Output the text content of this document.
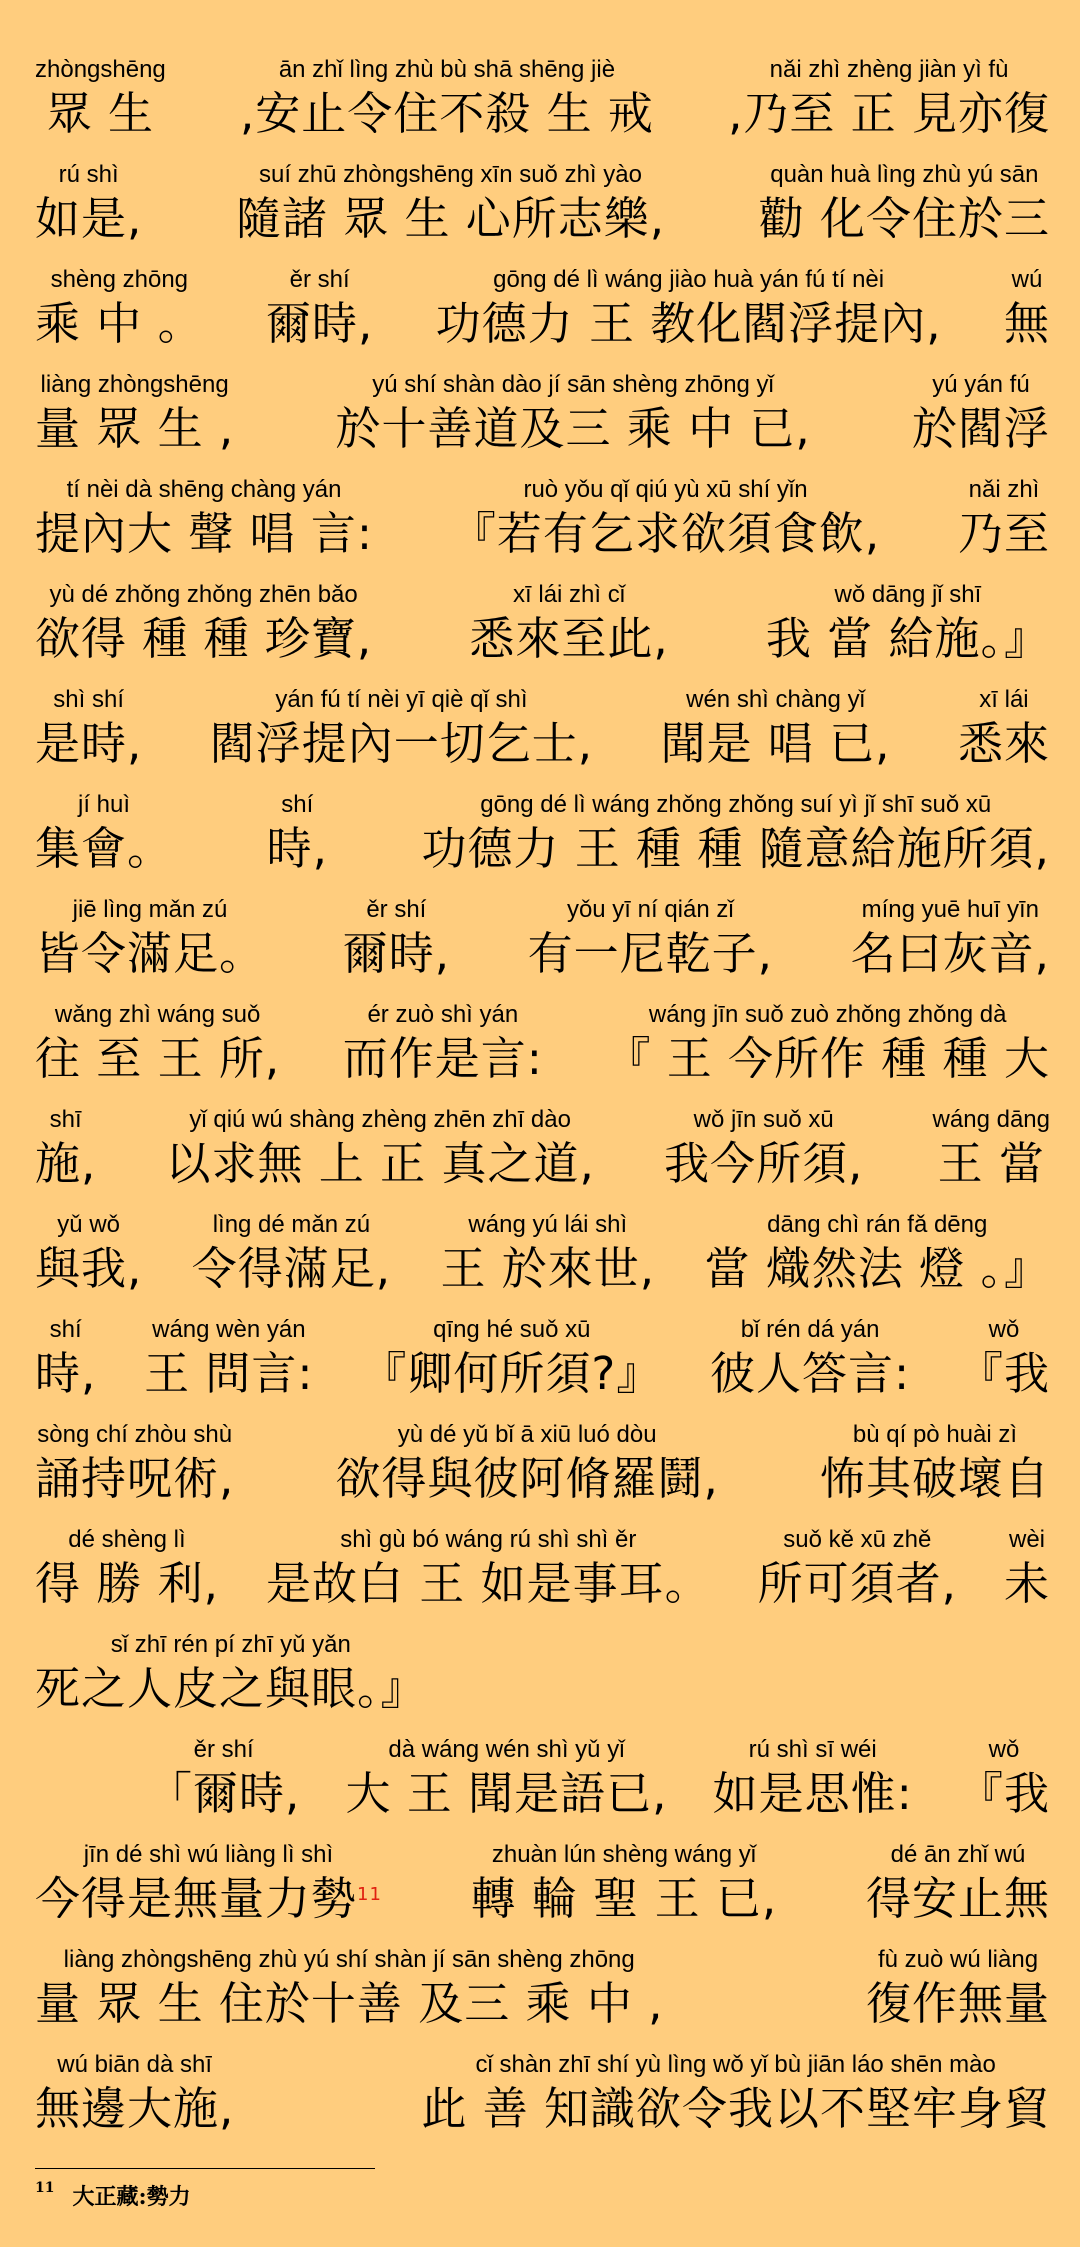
zhòngshēng
眾 生
ān zhǐ lìng zhù bù shā shēng jiè
,安止令住不殺 生 戒
nǎi zhì zhèng jiàn yì fù
,乃至 正 見亦復
rú shì
如是,
suí zhū zhòngshēng xīn suǒ zhì yào
隨諸 眾 生 心所志樂,
quàn huà lìng zhù yú sān
勸 化令住於三
shèng zhōng
乘 中 。
ěr shí
爾時,
gōng dé lì wáng jiào huà yán fú tí nèi
功德力 王 教化閻浮提內,
wú
無
liàng zhòngshēng
量 眾 生 ,
yú shí shàn dào jí sān shèng zhōng yǐ
於十善道及三 乘 中 已,
yú yán fú
於閻浮
tí nèi dà shēng chàng yán
提內大 聲 唱 言:
ruò yǒu qǐ qiú yù xū shí yǐn
『若有乞求欲須食飲,
nǎi zhì
乃至
yù dé zhǒng zhǒng zhēn bǎo
欲得 種 種 珍寶,
xī lái zhì cǐ
悉來至此,
wǒ dāng jǐ shī
我 當 給施。』
shì shí
是時,
yán fú tí nèi yī qiè qǐ shì
閻浮提內一切乞士,
wén shì chàng yǐ
聞是 唱 已,
xī lái
悉來
jí huì
集會。
shí
時,
gōng dé lì wáng zhǒng zhǒng suí yì jǐ shī suǒ xū
功德力 王 種 種 隨意給施所須,
jiē lìng mǎn zú
皆令滿足。
ěr shí
爾時,
yǒu yī ní qián zǐ
有一尼乾子,
míng yuē huī yīn
名曰灰音,
wǎng zhì wáng suǒ
往 至 王 所,
ér zuò shì yán
而作是言:
wáng jīn suǒ zuò zhǒng zhǒng dà
『 王 今所作 種 種 大
shī
施,
yǐ qiú wú shàng zhèng zhēn zhī dào
以求無 上 正 真之道,
wǒ jīn suǒ xū
我今所須,
wáng dāng
王 當
yǔ wǒ
與我,
lìng dé mǎn zú
令得滿足,
wáng yú lái shì
王 於來世,
dāng chì rán fǎ dēng
當 熾然法 燈 。』
shí
時,
wáng wèn yán
王 問言:
qīng hé suǒ xū
『卿何所須?』
bǐ rén dá yán
彼人答言:
wǒ
『我
sòng chí zhòu shù
誦持呪術,
yù dé yǔ bǐ ā xiū luó dòu
欲得與彼阿脩羅鬪,
bù qí pò huài zì
怖其破壞自
dé shèng lì
得 勝 利,
shì gù bó wáng rú shì shì ěr
是故白 王 如是事耳。
suǒ kě xū zhě
所可須者,
wèi
未
sǐ zhī rén pí zhī yǔ yǎn
死之人皮之與眼。』
ěr shí
「爾時,
dà wáng wén shì yǔ yǐ
大 王 聞是語已,
rú shì sī wéi
如是思惟:
wǒ
『我
jīn dé shì wú liàng lì shì
今得是無量力勢$^{11}$
zhuàn lún shèng wáng yǐ
轉 輪 聖 王 已,
dé ān zhǐ wú
得安止無
liàng zhòngshēng zhù yú shí shàn jí sān shèng zhōng
量 眾 生 住於十善 及三 乘 中 ,
fù zuò wú liàng
復作無量
wú biān dà shī
無邊大施,
cǐ shàn zhī shí yù lìng wǒ yǐ bù jiān láo shēn mào
此 善 知識欲令我以不堅牢身貿
$^{11}$ 大正藏:勢力
